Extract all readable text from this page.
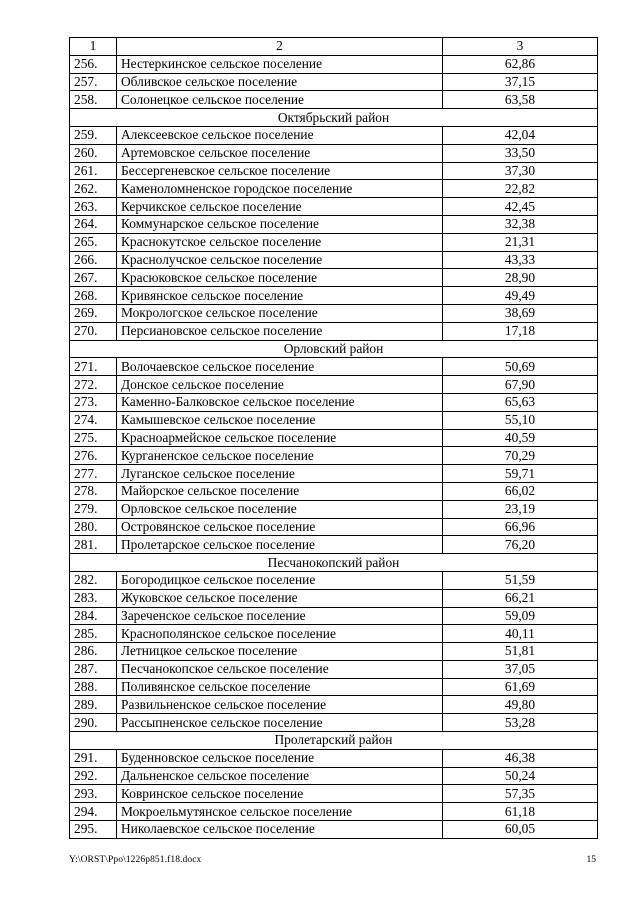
1	2	3
256.	Нестеркинское сельское поселение	62,86
257.	Обливское сельское поселение	37,15
258.	Солонецкое сельское поселение	63,58
Октябрьский район		
259.	Алексеевское сельское поселение	42,04
260.	Артемовское сельское поселение	33,50
261.	Бессергеневское сельское поселение	37,30
262.	Каменоломненское городское поселение	22,82
263.	Керчикское сельское поселение	42,45
264.	Коммунарское сельское поселение	32,38
265.	Краснокутское сельское поселение	21,31
266.	Краснолучское сельское поселение	43,33
267.	Красюковское сельское поселение	28,90
268.	Кривянское сельское поселение	49,49
269.	Мокрологское сельское поселение	38,69
270.	Персиановское сельское поселение	17,18
Орловский район		
271.	Волочаевское сельское поселение	50,69
272.	Донское сельское поселение	67,90
273.	Каменно-Балковское сельское поселение	65,63
274.	Камышевское сельское поселение	55,10
275.	Красноармейское сельское поселение	40,59
276.	Курганенское сельское поселение	70,29
277.	Луганское сельское поселение	59,71
278.	Майорское сельское поселение	66,02
279.	Орловское сельское поселение	23,19
280.	Островянское сельское поселение	66,96
281.	Пролетарское сельское поселение	76,20
Песчанокопский район		
282.	Богородицкое сельское поселение	51,59
283.	Жуковское сельское поселение	66,21
284.	Зареченское сельское поселение	59,09
285.	Краснополянское сельское поселение	40,11
286.	Летницкое сельское поселение	51,81
287.	Песчанокопское сельское поселение	37,05
288.	Поливянское сельское поселение	61,69
289.	Развильненское сельское поселение	49,80
290.	Рассыпненское сельское поселение	53,28
Пролетарский район		
291.	Буденновское сельское поселение	46,38
292.	Дальненское сельское поселение	50,24
293.	Ковринское сельское поселение	57,35
294.	Мокроельмутянское сельское поселение	61,18
295.	Николаевское сельское поселение	60,05
Y:\ORST\Ppo\1226p851.f18.docx	15
